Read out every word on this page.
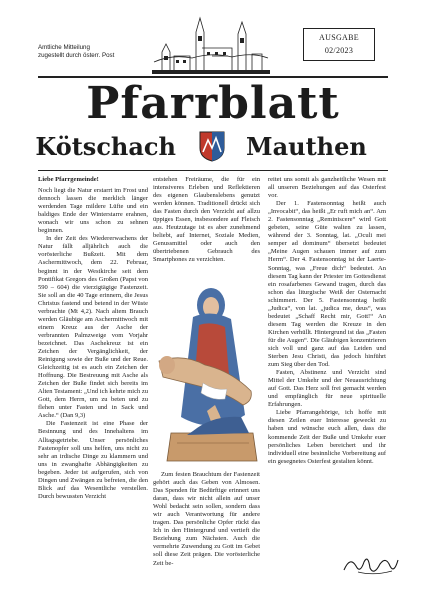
Amtliche Mitteilung
zugestellt durch österr. Post
AUSGABE
02/2023
Pfarrblatt
Kötschach	Mauthen

Liebe Pfarrgemeinde!

Noch liegt die Natur erstarrt im Frost und dennoch lassen die merklich länger werdenden Tage mildere Lüfte und ein baldiges Ende der Winterstarre erahnen, wonach wir uns schon zu sehnen beginnen.

In der Zeit des Wiedererwachens der Natur fällt alljährlich auch die vorösterliche Bußzeit. Mit dem Aschermittwoch, dem 22. Februar, beginnt in der Westkirche seit dem Pontifikat Gregors des Großen (Papst von 590 – 604) die vierzigtägige Fastenzeit. Sie soll an die 40 Tage erinnern, die Jesus Christus fastend und betend in der Wüste verbrachte (Mt 4,2). Nach altem Brauch werden Gläubige am Aschermittwoch mit einem Kreuz aus der Asche der verbrannten Palmzweige vom Vorjahr bezeichnet. Das Aschekreuz ist ein Zeichen der Vergänglichkeit, der Reinigung sowie der Buße und der Reue. Gleichzeitig ist es auch ein Zeichen der Hoffnung. Die Bestreuung mit Asche als Zeichen der Buße findet sich bereits im Alten Testament: „Und ich kehrte mich zu Gott, dem Herrn, um zu beten und zu flehen unter Fasten und in Sack und Asche.“ (Dan 9,3)

Die Fastenzeit ist eine Phase der Besinnung und des Innehaltens im Alltagsgetriebe. Unser persönliches Fastenopfer soll uns helfen, uns nicht zu sehr an irdische Dinge zu klammern und uns in zwanghafte Abhängigkeiten zu begeben. Jeder ist aufgerufen, sich von Dingen und Zwängen zu befreien, die den Blick auf das Wesentliche verstellen. Durch bewussten Verzicht

entstehen Freiräume, die für ein intensiveres Erleben und Reflektieren des eigenen Glaubenslebens genutzt werden können. Traditionell drückt sich das Fasten durch den Verzicht auf allzu üppiges Essen, insbesondere auf Fleisch aus. Heutzutage ist es aber zunehmend beliebt, auf Internet, Soziale Medien, Genussmittel oder auch den übertriebenen Gebrauch des Smartphones zu verzichten.

Zum festen Brauchtum der Fastenzeit gehört auch das Geben von Almosen. Das Spenden für Bedürftige erinnert uns daran, dass wir nicht allein auf unser Wohl bedacht sein sollen, sondern dass wir auch Verantwortung für andere tragen. Das persönliche Opfer rückt das Ich in den Hintergrund und vertieft die Beziehung zum Nächsten. Auch die vermehrte Zuwendung zu Gott im Gebet soll diese Zeit prägen. Die vorösterliche Zeit be-

reitet uns somit als ganzheitliche Wesen mit all unseren Beziehungen auf das Osterfest vor.

Der 1. Fastensonntag heißt auch „Invocabit“, das heißt „Er ruft mich an“. Am 2. Fastensonntag „Reminiscere“ wird Gott gebeten, seine Güte walten zu lassen, während der 3. Sonntag, lat. „Oculi mei semper ad dominum“ übersetzt bedeutet „Meine Augen schauen immer auf zum Herrn“. Der 4. Fastensonntag ist der Laerte-Sonntag, was „Freue dich“ bedeutet. An diesem Tag kann der Priester im Gottesdienst ein rosafarbenes Gewand tragen, durch das schon das liturgische Weiß der Osternacht schimmert. Der 5. Fastensonntag heißt „Judica“, von lat. „judica me, deus“, was bedeutet „Schaff Recht mir, Gott!“ An diesem Tag werden die Kreuze in den Kirchen verhüllt. Hintergrund ist das „Fasten für die Augen“. Die Gläubigen konzentrieren sich voll und ganz auf das Leiden und Sterben Jesu Christi, das jedoch hinführt zum Sieg über den Tod.

Fasten, Abstinenz und Verzicht sind Mittel der Umkehr und der Neuausrichtung auf Gott. Das Herz soll frei gemacht werden und empfänglich für neue spirituelle Erfahrungen.

Liebe Pfarrangehörige, ich hoffe mit diesen Zeilen euer Interesse geweckt zu haben und wünsche euch allen, dass die kommende Zeit der Buße und Umkehr euer persönliches Leben bereichert und ihr individuell eine besinnliche Vorbereitung auf ein gesegnetes Osterfest gestalten könnt.
